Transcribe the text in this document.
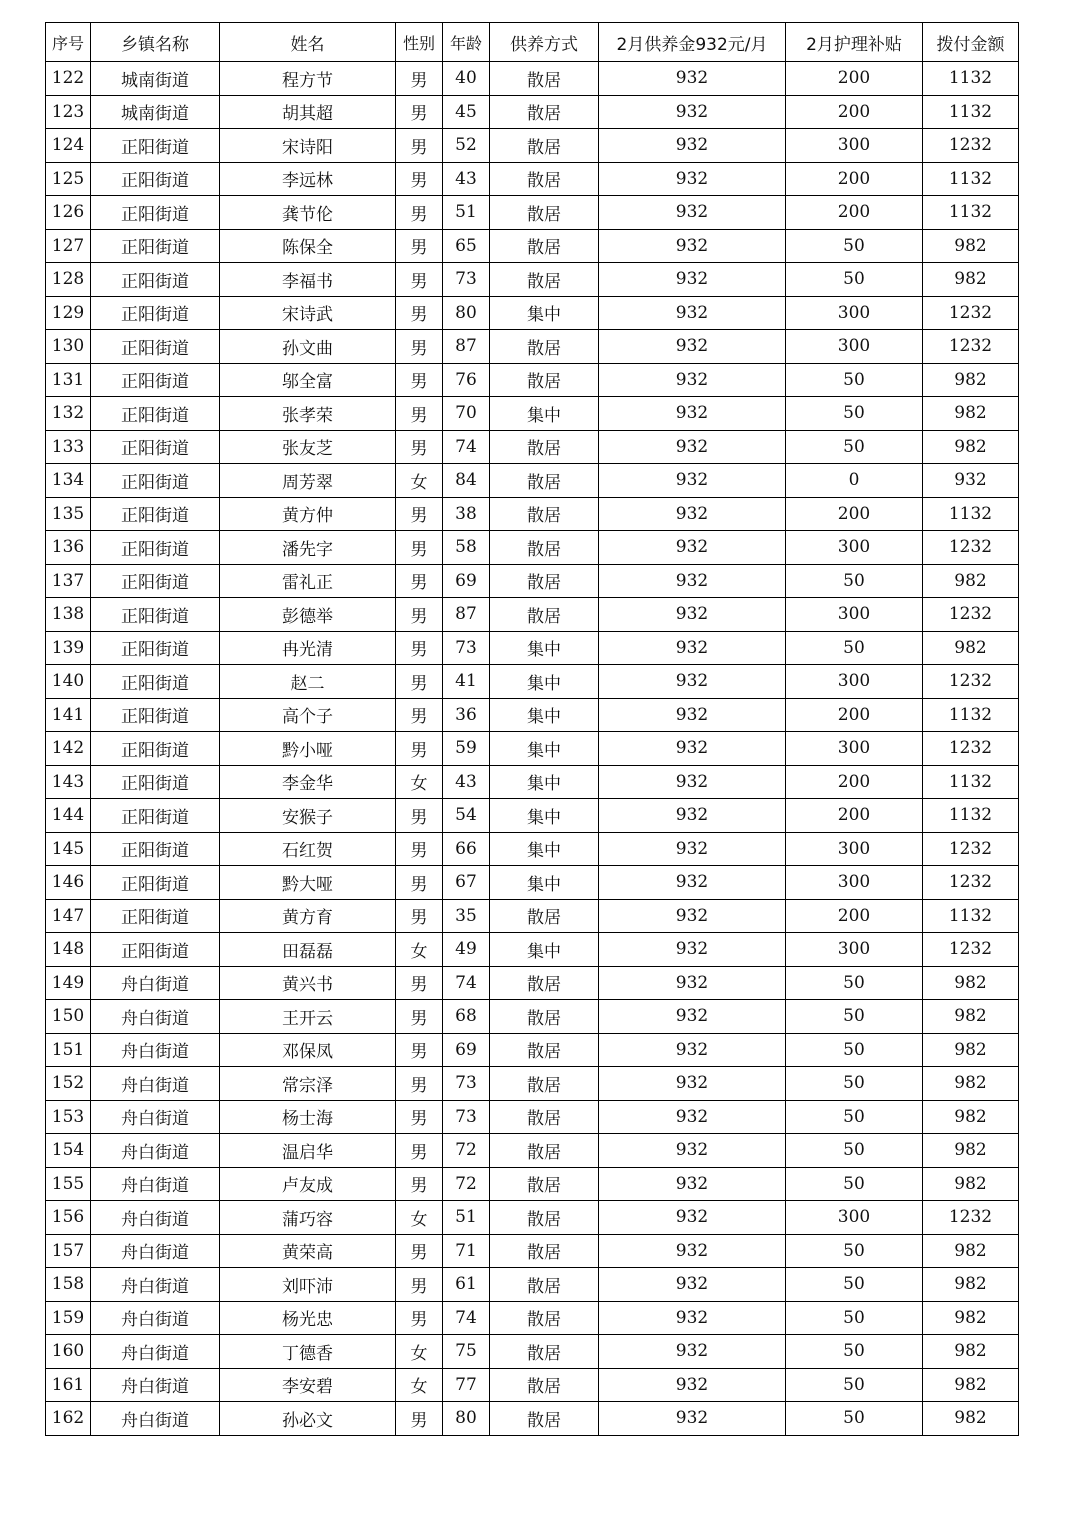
序号	乡镇名称	姓名	性别	年龄	供养方式	2月供养金932元/月	2月护理补贴	拨付金额
122	城南街道	程方节	男	40	散居	932	200	1132
123	城南街道	胡其超	男	45	散居	932	200	1132
124	正阳街道	宋诗阳	男	52	散居	932	300	1232
125	正阳街道	李远林	男	43	散居	932	200	1132
126	正阳街道	龚节伦	男	51	散居	932	200	1132
127	正阳街道	陈保全	男	65	散居	932	50	982
128	正阳街道	李福书	男	73	散居	932	50	982
129	正阳街道	宋诗武	男	80	集中	932	300	1232
130	正阳街道	孙文曲	男	87	散居	932	300	1232
131	正阳街道	邬全富	男	76	散居	932	50	982
132	正阳街道	张孝荣	男	70	集中	932	50	982
133	正阳街道	张友芝	男	74	散居	932	50	982
134	正阳街道	周芳翠	女	84	散居	932	0	932
135	正阳街道	黄方仲	男	38	散居	932	200	1132
136	正阳街道	潘先字	男	58	散居	932	300	1232
137	正阳街道	雷礼正	男	69	散居	932	50	982
138	正阳街道	彭德举	男	87	散居	932	300	1232
139	正阳街道	冉光清	男	73	集中	932	50	982
140	正阳街道	赵二	男	41	集中	932	300	1232
141	正阳街道	高个子	男	36	集中	932	200	1132
142	正阳街道	黔小哑	男	59	集中	932	300	1232
143	正阳街道	李金华	女	43	集中	932	200	1132
144	正阳街道	安猴子	男	54	集中	932	200	1132
145	正阳街道	石红贺	男	66	集中	932	300	1232
146	正阳街道	黔大哑	男	67	集中	932	300	1232
147	正阳街道	黄方育	男	35	散居	932	200	1132
148	正阳街道	田磊磊	女	49	集中	932	300	1232
149	舟白街道	黄兴书	男	74	散居	932	50	982
150	舟白街道	王开云	男	68	散居	932	50	982
151	舟白街道	邓保凤	男	69	散居	932	50	982
152	舟白街道	常宗泽	男	73	散居	932	50	982
153	舟白街道	杨士海	男	73	散居	932	50	982
154	舟白街道	温启华	男	72	散居	932	50	982
155	舟白街道	卢友成	男	72	散居	932	50	982
156	舟白街道	蒲巧容	女	51	散居	932	300	1232
157	舟白街道	黄荣高	男	71	散居	932	50	982
158	舟白街道	刘吓沛	男	61	散居	932	50	982
159	舟白街道	杨光忠	男	74	散居	932	50	982
160	舟白街道	丁德香	女	75	散居	932	50	982
161	舟白街道	李安碧	女	77	散居	932	50	982
162	舟白街道	孙必文	男	80	散居	932	50	982
